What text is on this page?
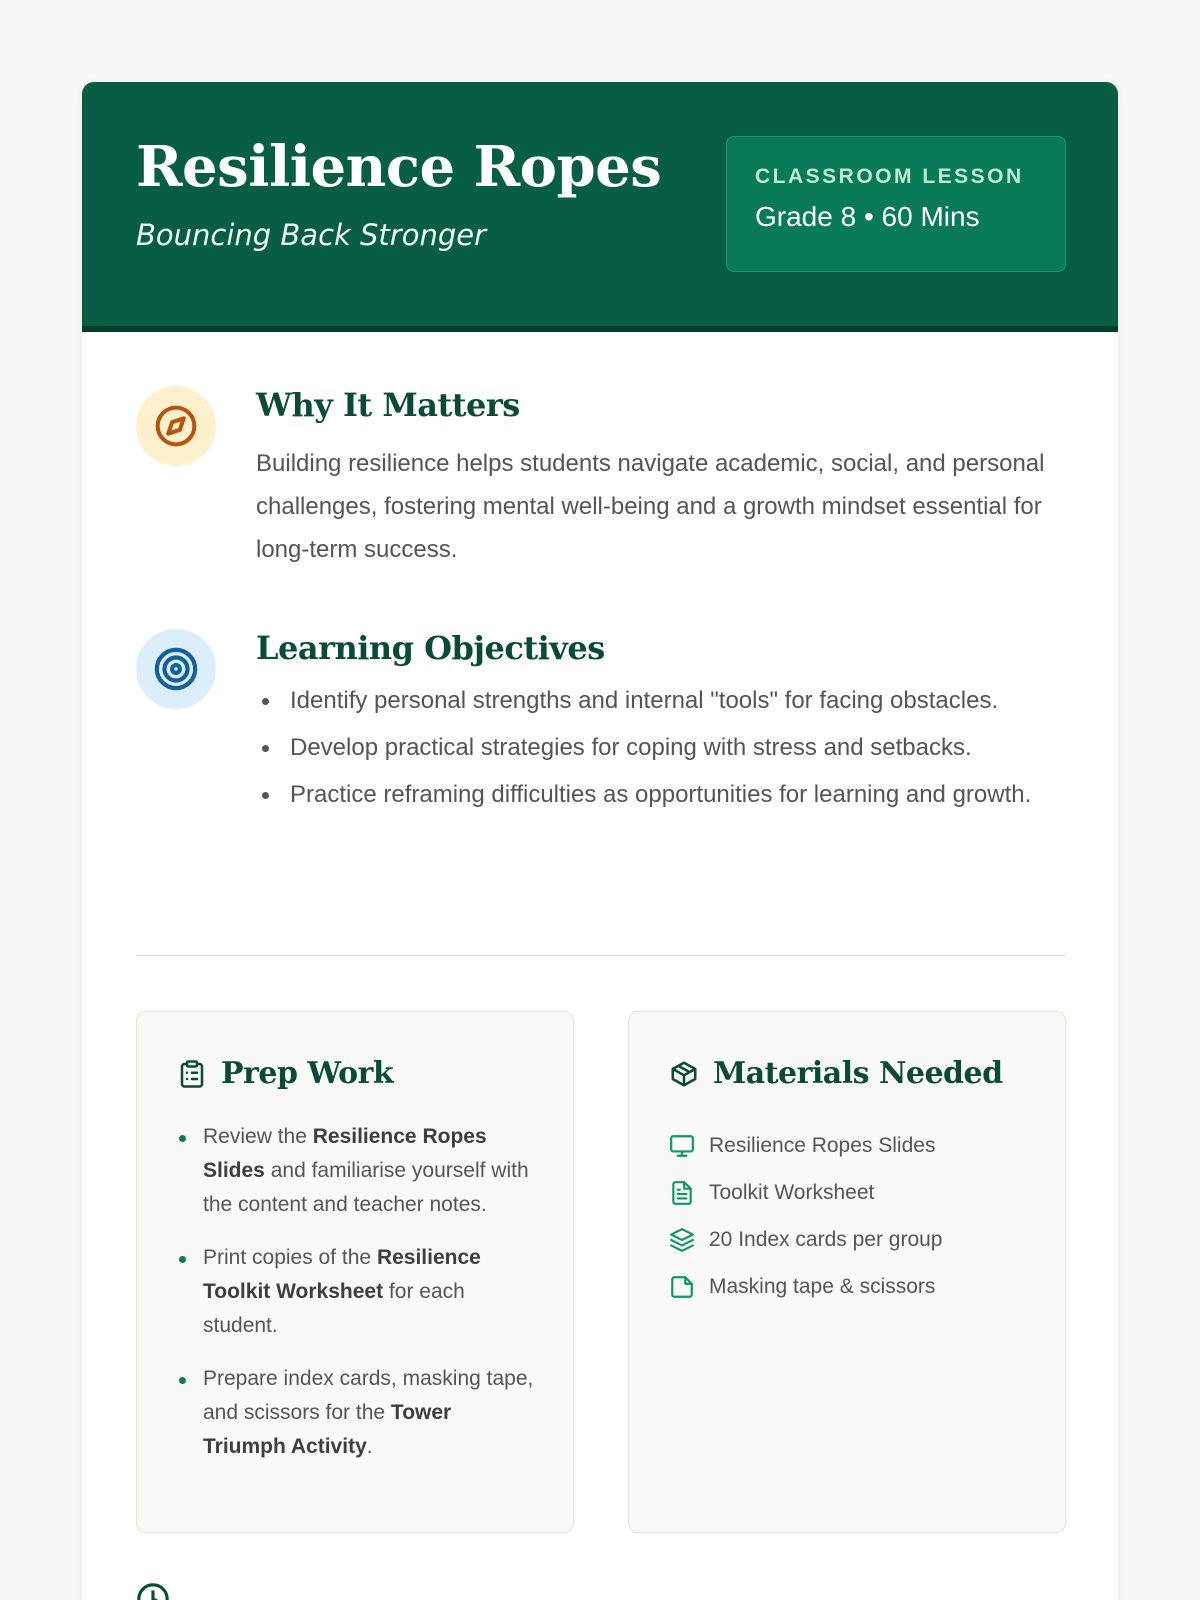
Resilience Ropes
Bouncing Back Stronger
CLASSROOM LESSON
Grade 8 • 60 Mins
Why It Matters
Building resilience helps students navigate academic, social, and personal challenges, fostering mental well-being and a growth mindset essential for long-term success.
Learning Objectives
Identify personal strengths and internal "tools" for facing obstacles.
Develop practical strategies for coping with stress and setbacks.
Practice reframing difficulties as opportunities for learning and growth.
Prep Work
Review the Resilience Ropes Slides and familiarise yourself with the content and teacher notes.
Print copies of the Resilience Toolkit Worksheet for each student.
Prepare index cards, masking tape, and scissors for the Tower Triumph Activity.
Materials Needed
Resilience Ropes Slides
Toolkit Worksheet
20 Index cards per group
Masking tape & scissors
